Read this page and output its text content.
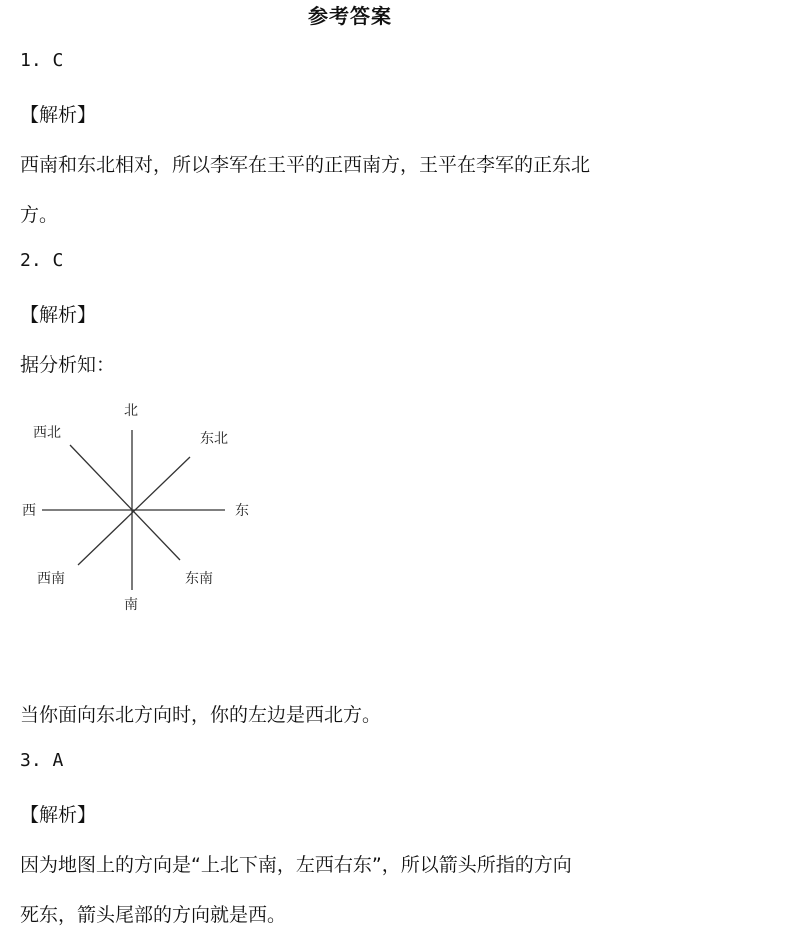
参考答案
1. C
【解析】
西南和东北相对，所以李军在王平的正西南方，王平在李军的正东北
方。
2. C
【解析】
据分析知：
北
西北	东北
西	东
西南	东南
南
当你面向东北方向时，你的左边是西北方。
3. A
【解析】
因为地图上的方向是“上北下南，左西右东”，所以箭头所指的方向
死东，箭头尾部的方向就是西。
